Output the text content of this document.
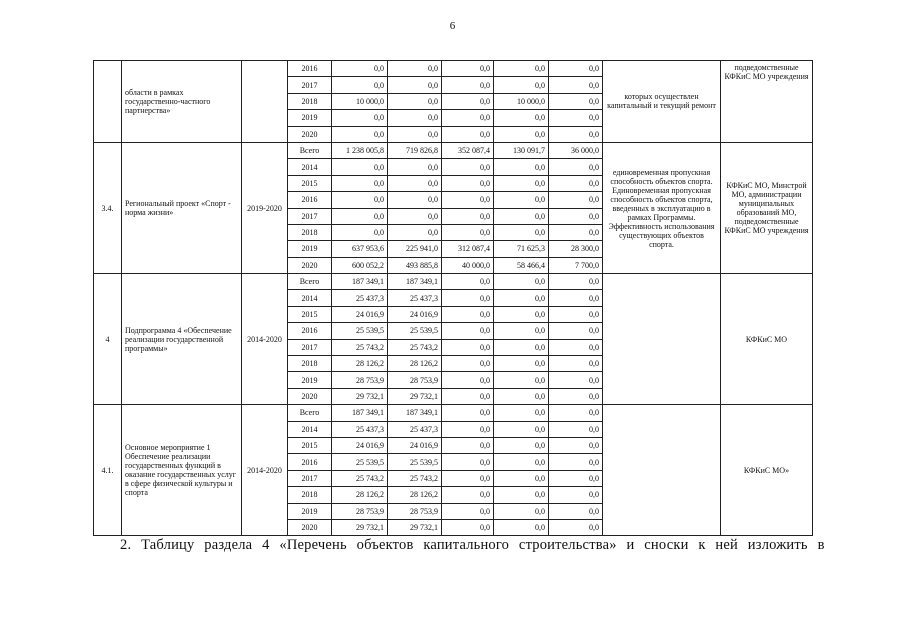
6
	области в рамках государственно-частного партнерства»		2016	0,0	0,0	0,0	0,0	0,0	которых осуществлен капитальный и текущий ремонт	подведомственные КФКиС МО учреждения
			2017	0,0	0,0	0,0	0,0	0,0		
			2018	10 000,0	0,0	0,0	10 000,0	0,0		
			2019	0,0	0,0	0,0	0,0	0,0		
			2020	0,0	0,0	0,0	0,0	0,0		
3.4.	Региональный проект «Спорт - норма жизни»	2019-2020	Всего	1 238 005,8	719 826,8	352 087,4	130 091,7	36 000,0	единовременная пропускная способность объектов спорта. Единовременная пропускная способность объектов спорта, введенных в эксплуатацию в рамках Программы. Эффективность использования существующих объектов спорта.	КФКиС МО, Минстрой МО, администрации муниципальных образований МО, подведомственные КФКиС МО учреждения
			2014	0,0	0,0	0,0	0,0	0,0		
			2015	0,0	0,0	0,0	0,0	0,0		
			2016	0,0	0,0	0,0	0,0	0,0		
			2017	0,0	0,0	0,0	0,0	0,0		
			2018	0,0	0,0	0,0	0,0	0,0		
			2019	637 953,6	225 941,0	312 087,4	71 625,3	28 300,0		
			2020	600 052,2	493 885,8	40 000,0	58 466,4	7 700,0		
4	Подпрограмма 4 «Обеспечение реализации государственной программы»	2014-2020	Всего	187 349,1	187 349,1	0,0	0,0	0,0		КФКиС МО
			2014	25 437,3	25 437,3	0,0	0,0	0,0		
			2015	24 016,9	24 016,9	0,0	0,0	0,0		
			2016	25 539,5	25 539,5	0,0	0,0	0,0		
			2017	25 743,2	25 743,2	0,0	0,0	0,0		
			2018	28 126,2	28 126,2	0,0	0,0	0,0		
			2019	28 753,9	28 753,9	0,0	0,0	0,0		
			2020	29 732,1	29 732,1	0,0	0,0	0,0		
4.1.	Основное мероприятие 1 Обеспечение реализации государственных функций в оказание государственных услуг в сфере физической культуры и спорта	2014-2020	Всего	187 349,1	187 349,1	0,0	0,0	0,0		КФКиС МО»
			2014	25 437,3	25 437,3	0,0	0,0	0,0		
			2015	24 016,9	24 016,9	0,0	0,0	0,0		
			2016	25 539,5	25 539,5	0,0	0,0	0,0		
			2017	25 743,2	25 743,2	0,0	0,0	0,0		
			2018	28 126,2	28 126,2	0,0	0,0	0,0		
			2019	28 753,9	28 753,9	0,0	0,0	0,0		
			2020	29 732,1	29 732,1	0,0	0,0	0,0		
2. Таблицу раздела 4 «Перечень объектов капитального строительства» и сноски к ней изложить в
